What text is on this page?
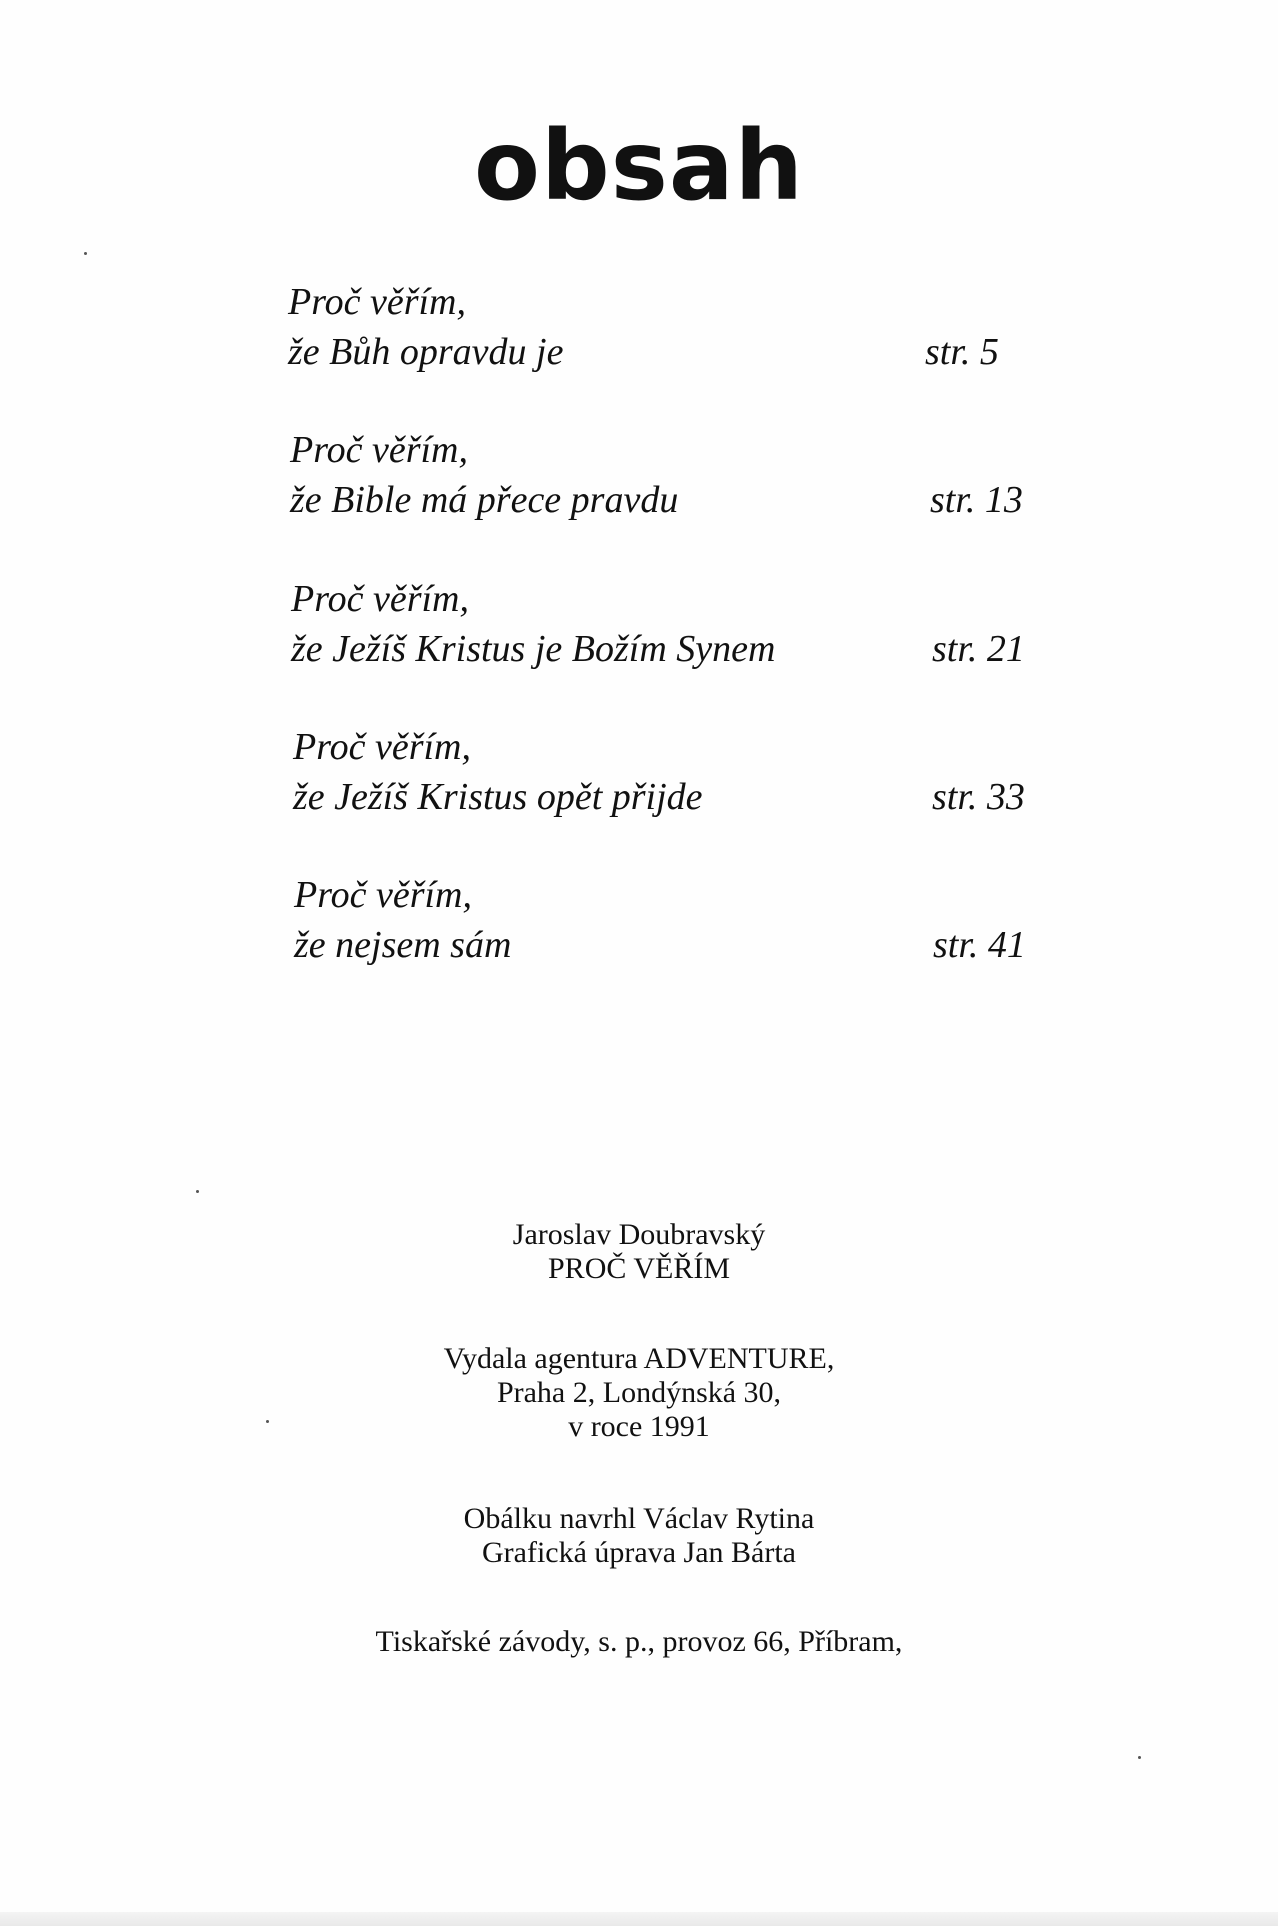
obsah
Proč věřím,
že Bůh opravdu je	str. 5
Proč věřím,
že Bible má přece pravdu	str. 13
Proč věřím,
že Ježíš Kristus je Božím Synem	str. 21
Proč věřím,
že Ježíš Kristus opět přijde	str. 33
Proč věřím,
že nejsem sám	str. 41
Jaroslav Doubravský
PROČ VĚŘÍM
Vydala agentura ADVENTURE,
Praha 2, Londýnská 30,
v roce 1991
Obálku navrhl Václav Rytina
Grafická úprava Jan Bárta
Tiskařské závody, s. p., provoz 66, Příbram,
